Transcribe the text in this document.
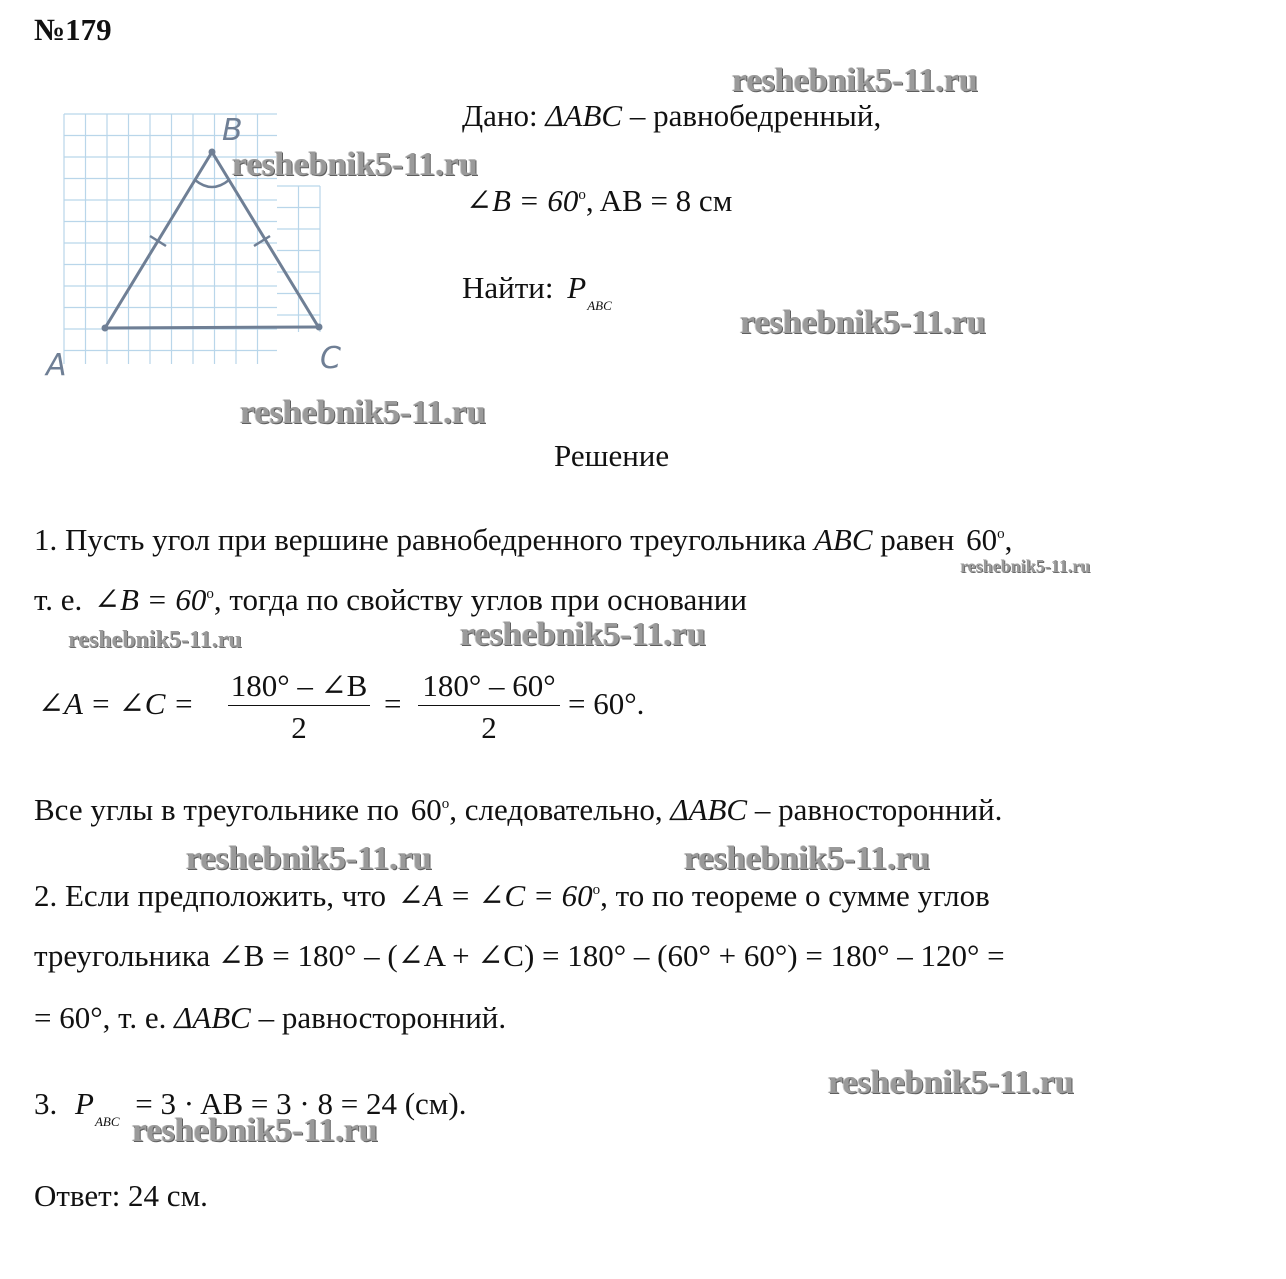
№179
A
B
C
reshebnik5-11.ru
reshebnik5-11.ru
reshebnik5-11.ru
reshebnik5-11.ru
reshebnik5-11.ru
reshebnik5-11.ru	reshebnik5-11.ru
reshebnik5-11.ru	reshebnik5-11.ru
reshebnik5-11.ru
reshebnik5-11.ru
Дано: ΔABC – равнобедренный,
∠B = $60^o$, AB = 8 см
Найти: $P_{ABC}$
Решение
1. Пусть угол при вершине равнобедренного треугольника ABC равен 60$^o$,
т. е. ∠B = $60^o$, тогда по свойству углов при основании
∠A = ∠C =
180° – ∠B
2
=
180° – 60°
2
= 60°.
Все углы в треугольнике по 60$^o$, следовательно, ΔABC – равносторонний.
2. Если предположить, что ∠A = ∠C = $60^o$, то по теореме о сумме углов
треугольника ∠B = 180° – (∠A + ∠C) = 180° – (60° + 60°) = 180° – 120° =
= 60°, т. е. ΔABC – равносторонний.
3. $P_{ABC} = 3$ · AB = 3 · 8 = 24 (см).
Ответ: 24 см.
